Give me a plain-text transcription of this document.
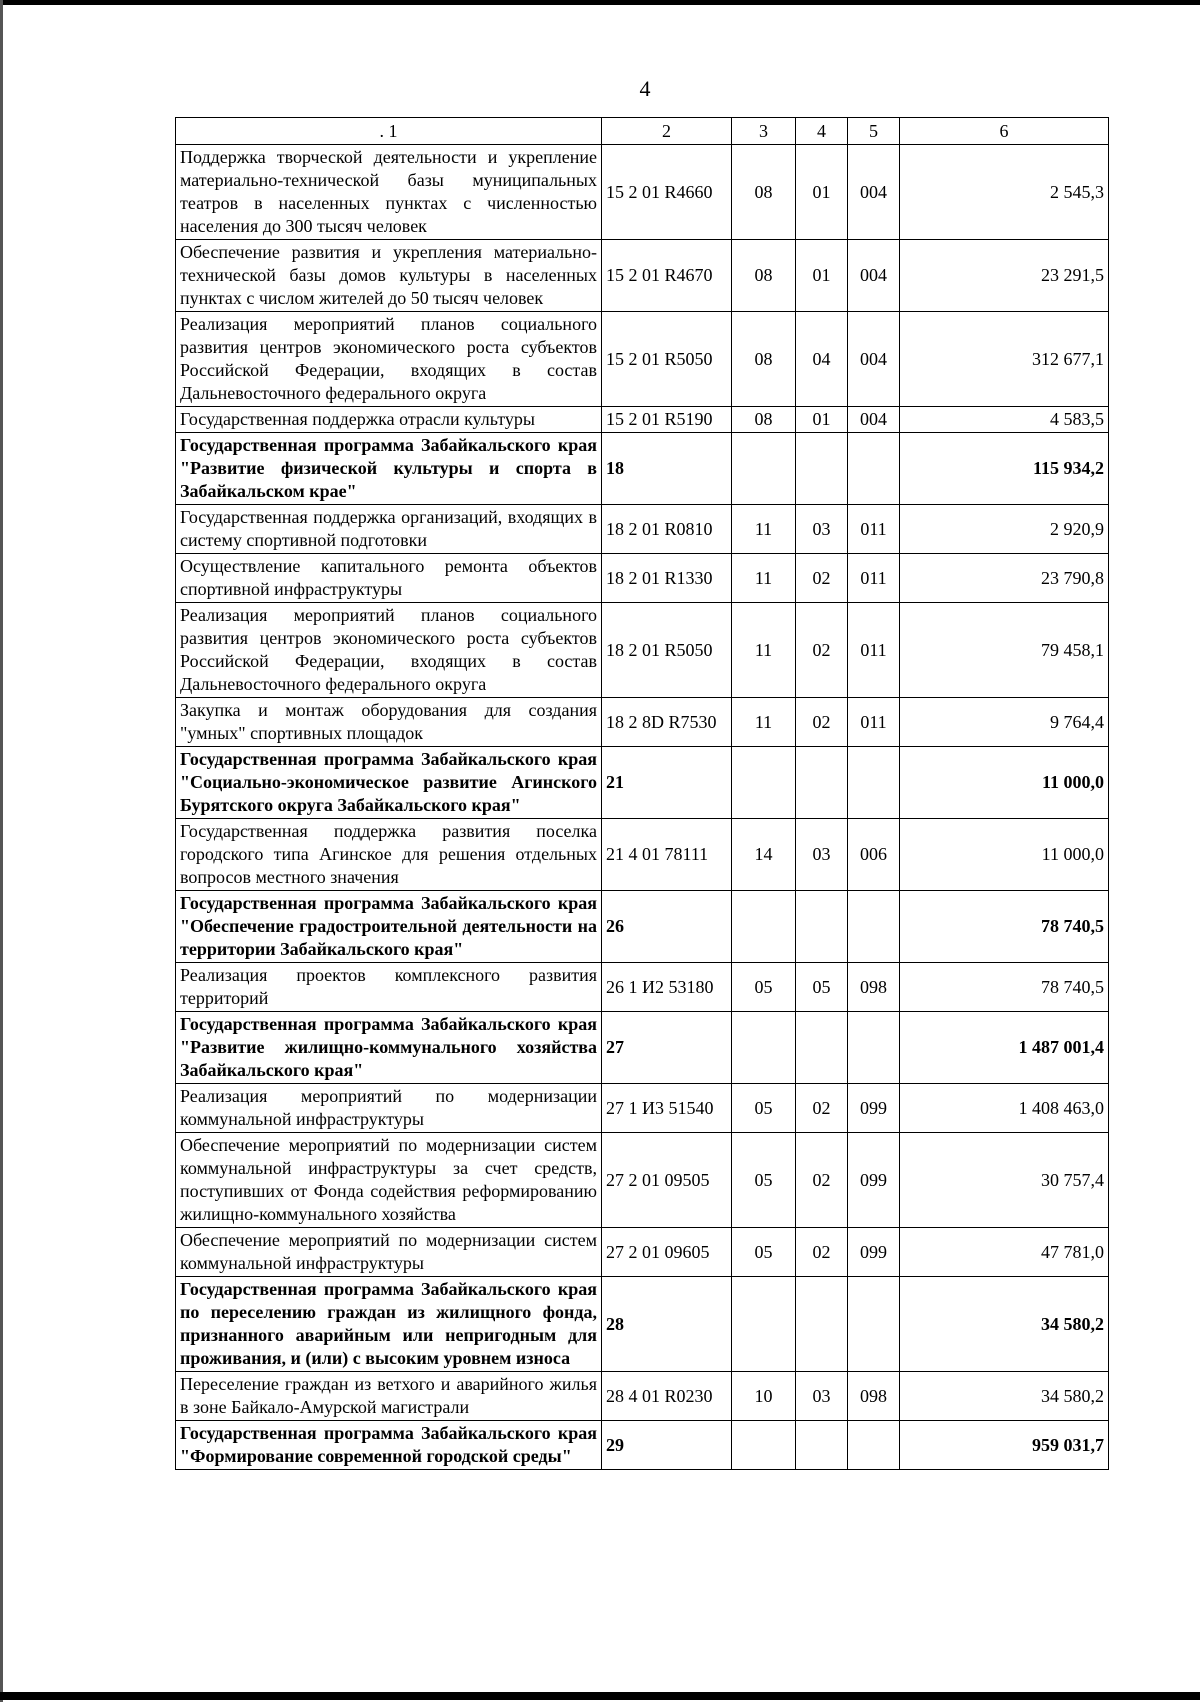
4
. 1	2	3	4	5	6
Поддержка творческой деятельности и укрепление материально-технической базы муниципальных театров в населенных пунктах с численностью населения до 300 тысяч человек	15 2 01 R4660	08	01	004	2 545,3
Обеспечение развития и укрепления материально-технической базы домов культуры в населенных пунктах с числом жителей до 50 тысяч человек	15 2 01 R4670	08	01	004	23 291,5
Реализация мероприятий планов социального развития центров экономического роста субъектов Российской Федерации, входящих в состав Дальневосточного федерального округа	15 2 01 R5050	08	04	004	312 677,1
Государственная поддержка отрасли культуры	15 2 01 R5190	08	01	004	4 583,5
Государственная программа Забайкальского края "Развитие физической культуры и спорта в Забайкальском крае"	18				115 934,2
Государственная поддержка организаций, входящих в систему спортивной подготовки	18 2 01 R0810	11	03	011	2 920,9
Осуществление капитального ремонта объектов спортивной инфраструктуры	18 2 01 R1330	11	02	011	23 790,8
Реализация мероприятий планов социального развития центров экономического роста субъектов Российской Федерации, входящих в состав Дальневосточного федерального округа	18 2 01 R5050	11	02	011	79 458,1
Закупка и монтаж оборудования для создания "умных" спортивных площадок	18 2 8D R7530	11	02	011	9 764,4
Государственная программа Забайкальского края "Социально-экономическое развитие Агинского Бурятского округа Забайкальского края"	21				11 000,0
Государственная поддержка развития поселка городского типа Агинское для решения отдельных вопросов местного значения	21 4 01 78111	14	03	006	11 000,0
Государственная программа Забайкальского края "Обеспечение градостроительной деятельности на территории Забайкальского края"	26				78 740,5
Реализация проектов комплексного развития территорий	26 1 И2 53180	05	05	098	78 740,5
Государственная программа Забайкальского края "Развитие жилищно-коммунального хозяйства Забайкальского края"	27				1 487 001,4
Реализация мероприятий по модернизации коммунальной инфраструктуры	27 1 И3 51540	05	02	099	1 408 463,0
Обеспечение мероприятий по модернизации систем коммунальной инфраструктуры за счет средств, поступивших от Фонда содействия реформированию жилищно-коммунального хозяйства	27 2 01 09505	05	02	099	30 757,4
Обеспечение мероприятий по модернизации систем коммунальной инфраструктуры	27 2 01 09605	05	02	099	47 781,0
Государственная программа Забайкальского края по переселению граждан из жилищного фонда, признанного аварийным или непригодным для проживания, и (или) с высоким уровнем износа	28				34 580,2
Переселение граждан из ветхого и аварийного жилья в зоне Байкало-Амурской магистрали	28 4 01 R0230	10	03	098	34 580,2
Государственная программа Забайкальского края "Формирование современной городской среды"	29				959 031,7
